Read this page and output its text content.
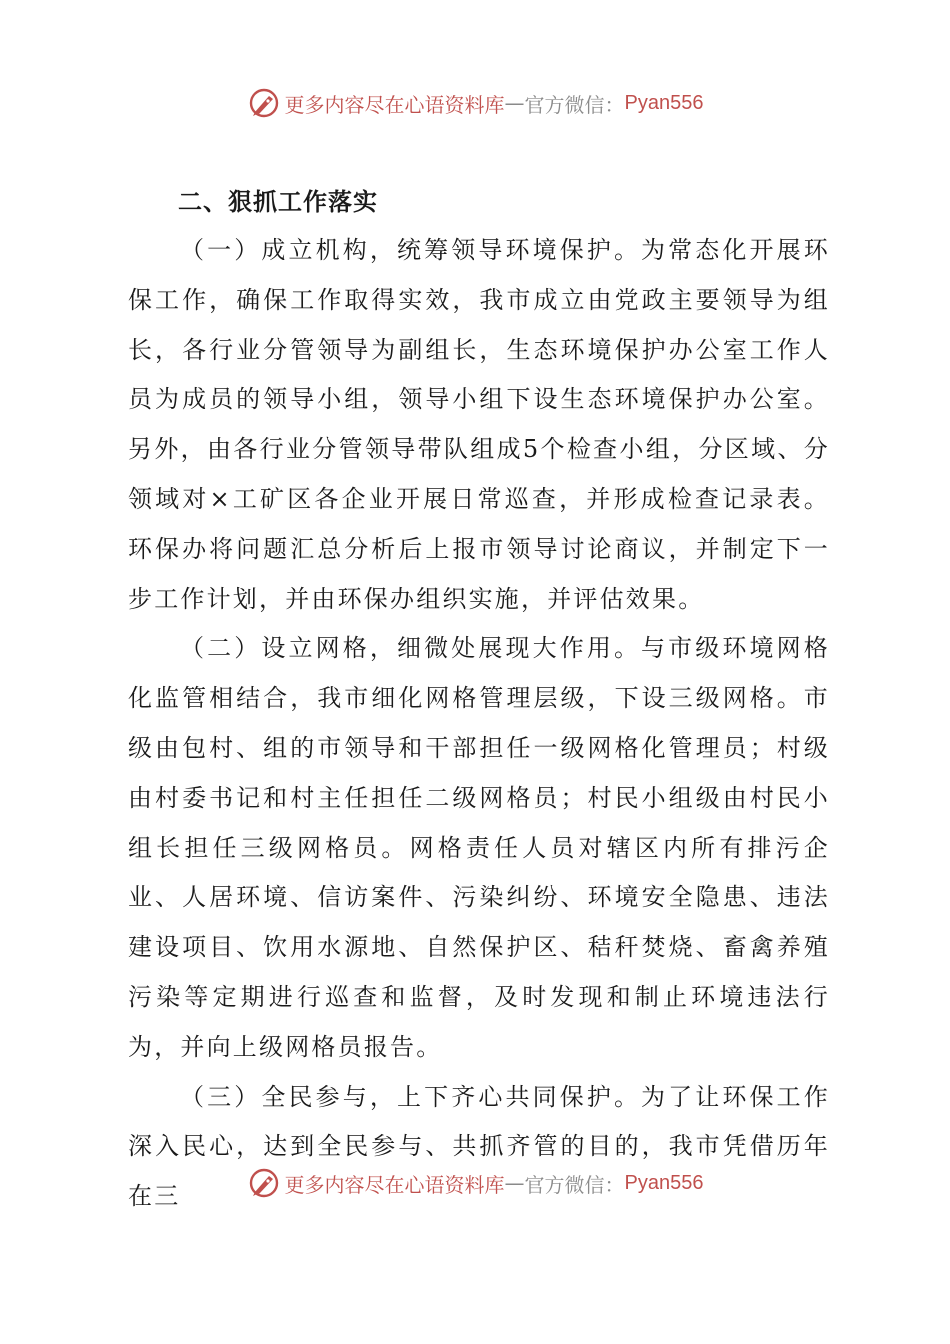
更多内容尽在心语资料库 — 官方微信： Pyan556

二、狠抓工作落实

（一）成立机构，统筹领导环境保护。为常态化开展环保工作，确保工作取得实效，我市成立由党政主要领导为组长，各行业分管领导为副组长，生态环境保护办公室工作人员为成员的领导小组，领导小组下设生态环境保护办公室。另外，由各行业分管领导带队组成5个检查小组，分区域、分领域对×工矿区各企业开展日常巡查，并形成检查记录表。环保办将问题汇总分析后上报市领导讨论商议，并制定下一步工作计划，并由环保办组织实施，并评估效果。

（二）设立网格，细微处展现大作用。与市级环境网格化监管相结合，我市细化网格管理层级，下设三级网格。市级由包村、组的市领导和干部担任一级网格化管理员；村级由村委书记和村主任担任二级网格员；村民小组级由村民小组长担任三级网格员。网格责任人员对辖区内所有排污企业、人居环境、信访案件、污染纠纷、环境安全隐患、违法建设项目、饮用水源地、自然保护区、秸秆焚烧、畜禽养殖污染等定期进行巡查和监督，及时发现和制止环境违法行为，并向上级网格员报告。

（三）全民参与，上下齐心共同保护。为了让环保工作深入民心，达到全民参与、共抓齐管的目的，我市凭借历年在三	更多内容尽在心语资料库 — 官方微信： Pyan556
